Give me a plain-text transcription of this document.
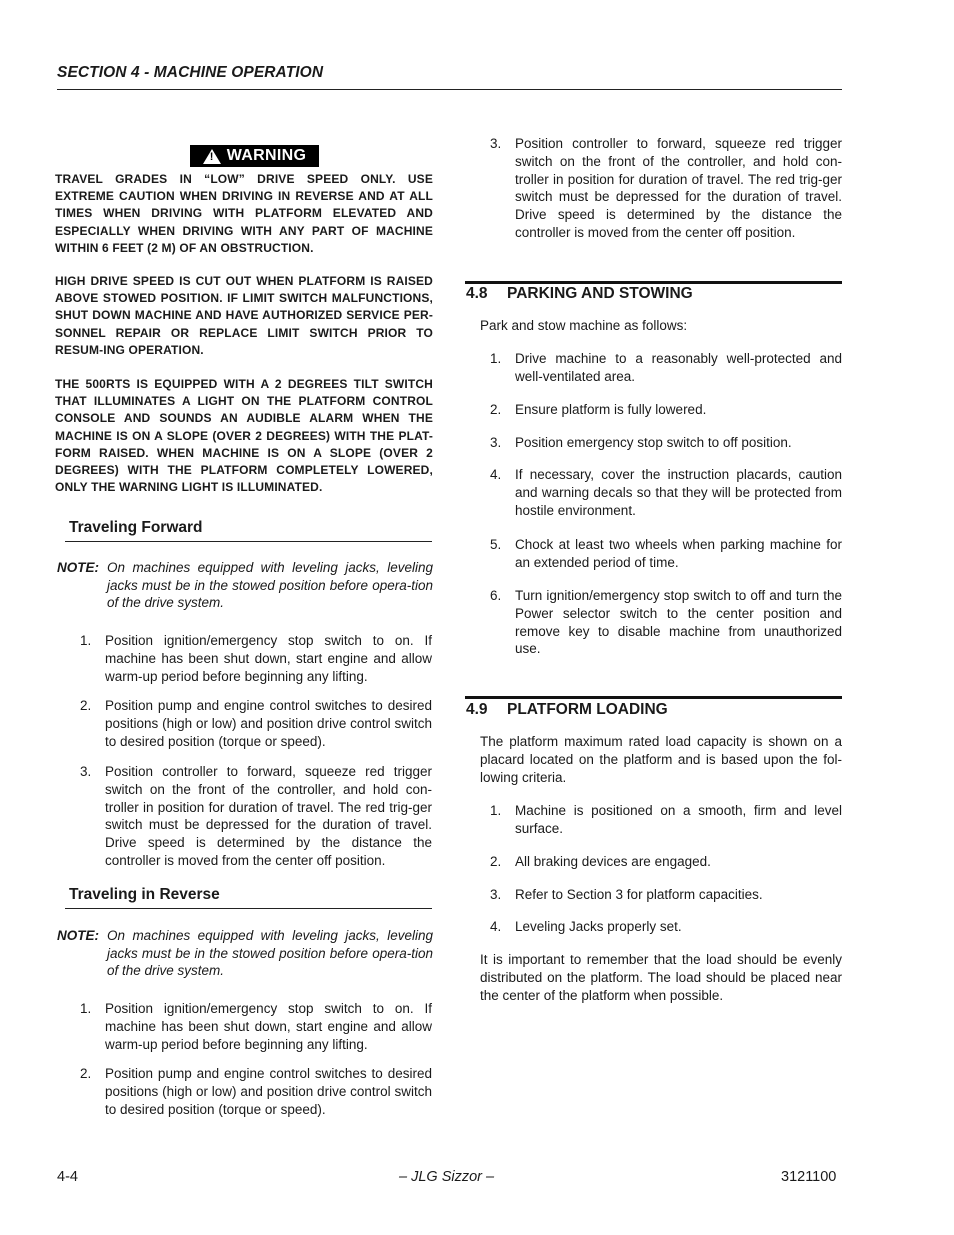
SECTION 4 - MACHINE OPERATION
! WARNING
TRAVEL GRADES IN “LOW” DRIVE SPEED ONLY. USE EXTREME CAUTION WHEN DRIVING IN REVERSE AND AT ALL TIMES WHEN DRIVING WITH PLATFORM ELEVATED AND ESPECIALLY WHEN DRIVING WITH ANY PART OF MACHINE WITHIN 6 FEET (2 M) OF AN OBSTRUCTION.
HIGH DRIVE SPEED IS CUT OUT WHEN PLATFORM IS RAISED ABOVE STOWED POSITION. IF LIMIT SWITCH MALFUNCTIONS, SHUT DOWN MACHINE AND HAVE AUTHORIZED SERVICE PER-SONNEL REPAIR OR REPLACE LIMIT SWITCH PRIOR TO RESUM-ING OPERATION.
THE 500RTS IS EQUIPPED WITH A 2 DEGREES TILT SWITCH THAT ILLUMINATES A LIGHT ON THE PLATFORM CONTROL CONSOLE AND SOUNDS AN AUDIBLE ALARM WHEN THE MACHINE IS ON A SLOPE (OVER 2 DEGREES) WITH THE PLAT-FORM RAISED. WHEN MACHINE IS ON A SLOPE (OVER 2 DEGREES) WITH THE PLATFORM COMPLETELY LOWERED, ONLY THE WARNING LIGHT IS ILLUMINATED.
Traveling Forward
NOTE: On machines equipped with leveling jacks, leveling jacks must be in the stowed position before opera-tion of the drive system.
1. Position ignition/emergency stop switch to on. If machine has been shut down, start engine and allow warm-up period before beginning any lifting.
2. Position pump and engine control switches to desired positions (high or low) and position drive control switch to desired position (torque or speed).
3. Position controller to forward, squeeze red trigger switch on the front of the controller, and hold con-troller in position for duration of travel. The red trig-ger switch must be depressed for the duration of travel. Drive speed is determined by the distance the controller is moved from the center off position.
Traveling in Reverse
NOTE: On machines equipped with leveling jacks, leveling jacks must be in the stowed position before opera-tion of the drive system.
1. Position ignition/emergency stop switch to on. If machine has been shut down, start engine and allow warm-up period before beginning any lifting.
2. Position pump and engine control switches to desired positions (high or low) and position drive control switch to desired position (torque or speed).
3. Position controller to forward, squeeze red trigger switch on the front of the controller, and hold con-troller in position for duration of travel. The red trig-ger switch must be depressed for the duration of travel. Drive speed is determined by the distance the controller is moved from the center off position.
4.8 PARKING AND STOWING
Park and stow machine as follows:
1. Drive machine to a reasonably well-protected and well-ventilated area.
2. Ensure platform is fully lowered.
3. Position emergency stop switch to off position.
4. If necessary, cover the instruction placards, caution and warning decals so that they will be protected from hostile environment.
5. Chock at least two wheels when parking machine for an extended period of time.
6. Turn ignition/emergency stop switch to off and turn the Power selector switch to the center position and remove key to disable machine from unauthorized use.
4.9 PLATFORM LOADING
The platform maximum rated load capacity is shown on a placard located on the platform and is based upon the fol-lowing criteria.
1. Machine is positioned on a smooth, firm and level surface.
2. All braking devices are engaged.
3. Refer to Section 3 for platform capacities.
4. Leveling Jacks properly set.
It is important to remember that the load should be evenly distributed on the platform. The load should be placed near the center of the platform when possible.
4-4	– JLG Sizzor –	3121100
